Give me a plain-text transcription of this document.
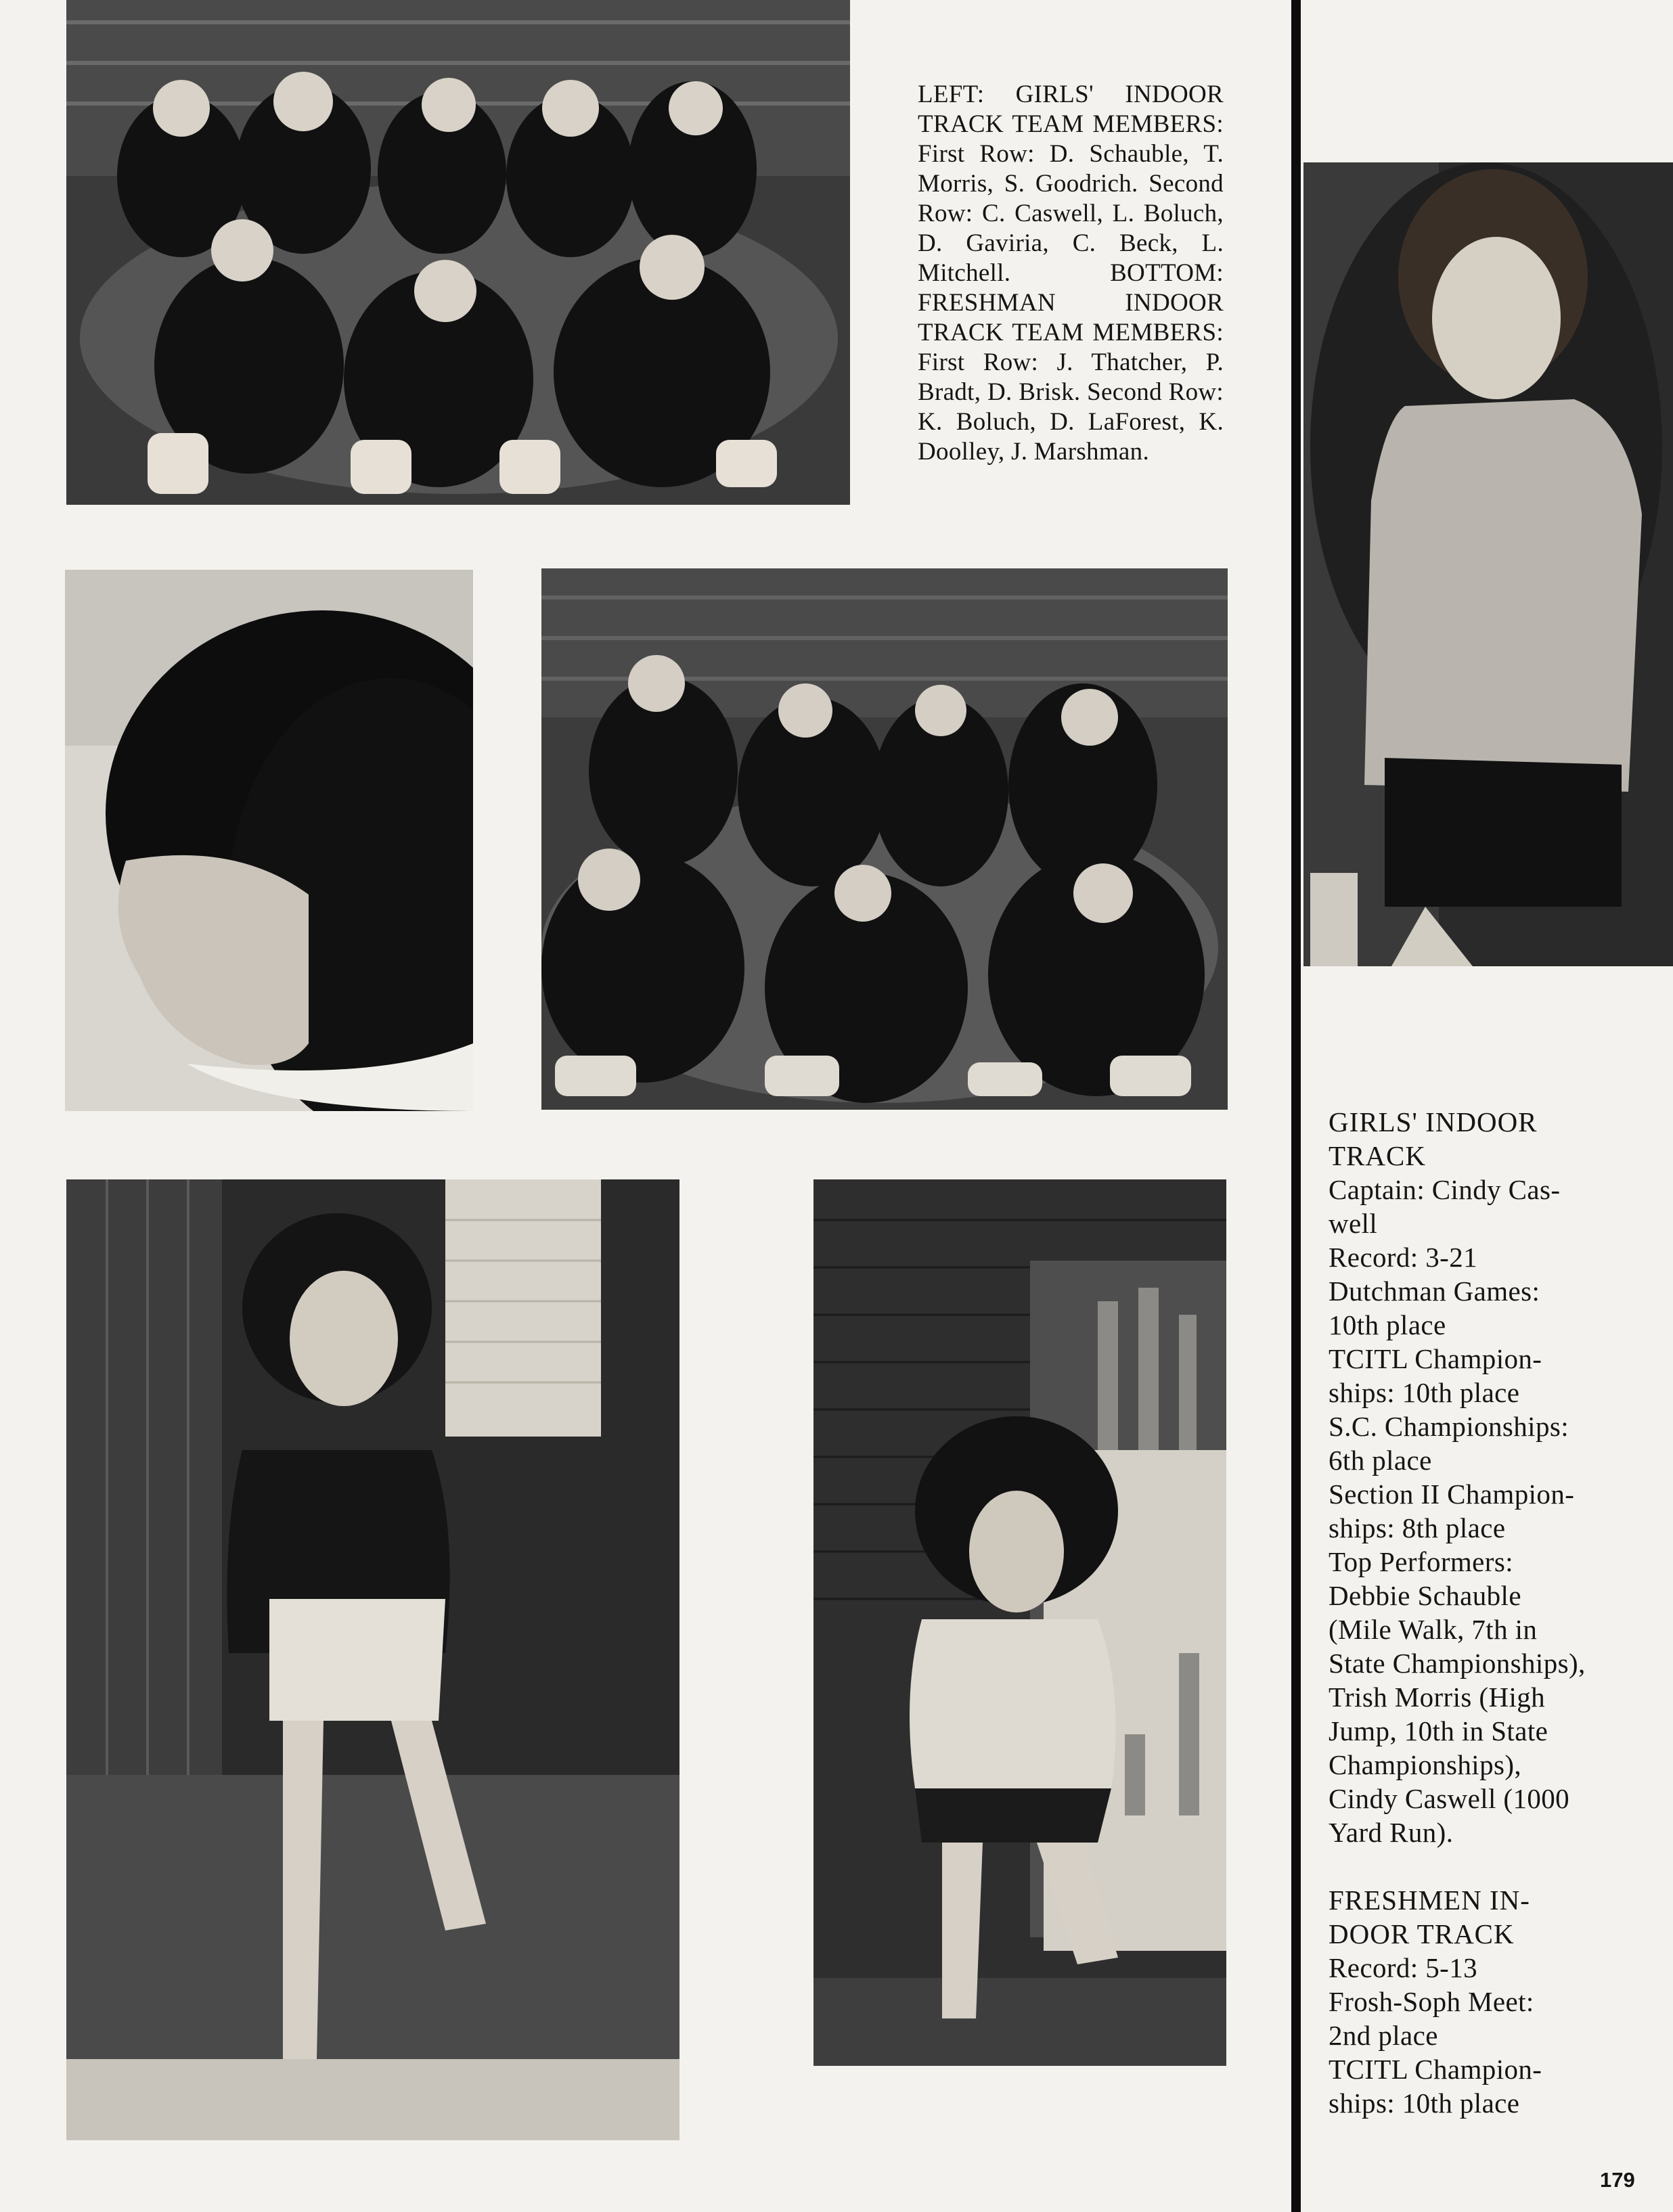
LEFT: GIRLS' INDOOR TRACK TEAM MEMBERS: First Row: D. Schauble, T. Morris, S. Goodrich. Second Row: C. Caswell, L. Boluch, D. Gaviria, C. Beck, L. Mitchell. BOTTOM: FRESHMAN INDOOR TRACK TEAM MEMBERS: First Row: J. Thatcher, P. Bradt, D. Brisk. Second Row: K. Boluch, D. LaForest, K. Doolley, J. Marshman.
GIRLS' INDOOR
TRACK
Captain: Cindy Cas-
well
Record: 3-21
Dutchman Games:
10th place
TCITL Champion-
ships: 10th place
S.C. Championships:
6th place
Section II Champion-
ships: 8th place
Top Performers:
Debbie Schauble
(Mile Walk, 7th in
State Championships),
Trish Morris (High
Jump, 10th in State
Championships),
Cindy Caswell (1000
Yard Run).
FRESHMEN IN-
DOOR TRACK
Record: 5-13
Frosh-Soph Meet:
2nd place
TCITL Champion-
ships: 10th place
179
